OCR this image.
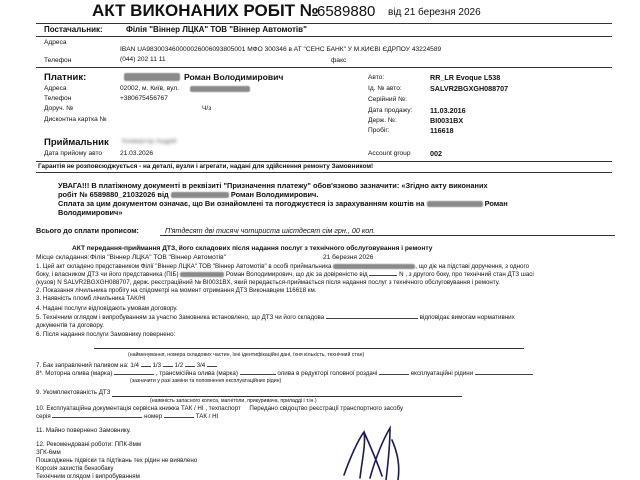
АКТ ВИКОНАНИХ РОБІТ №
6589880 від 21 березня 2026
Постачальник:	Філія "Віннер ЛЦКА" ТОВ "Віннер Автомотів"
Адреса
IBAN UA983003460000026006093805001 МФО 300346 в АТ "СЕНС БАНК" У М.КИЄВІ ЄДРПОУ 43224589
Телефон	(044) 202 11 11	факс
Платник:	Роман Володимирович
Адреса	02002, м. Київ, вул.
Телефон	+380675456767
Доруч. №	Ч/з
Дисконтна картка №
Авто:	RR_LR Evoque L538
Ід. № авто:	SALVR2BGXGH088707
Серійний №:
Дата продажу: 11.03.2016
Держ. №:	BI0031BX
Пробіг:	116618
Приймальник Конвертор Андрій
Дата прийому авто	21.03.2026	Account group	002
Гарантія не розповсюджується - на деталі, вузли і агрегати, надані для здійснення ремонту Замовником!
УВАГА!!! В платіжному документі в реквізиті "Призначення платежу" обов'язково зазначити: «Згідно акту виконаних
робіт № 6589880_21032026 від	Роман Володимирович.
Сплата за цим документом означає, що Ви ознайомлені та погоджуєтеся із зарахуванням коштів на	Роман
Володимирович»
Всього до сплати прописом:	П'ятдесят дві тисячі чотириста шістдесят сім грн., 00 коп.
АКТ передання-приймання ДТЗ, його складових після надання послуг з технічного обслуговування і ремонту
Місце складання: Філія "Віннер ЛЦКА" ТОВ "Віннер Автомотів"	21 березня 2026
1. Цей акт складено представником Філії "Віннер ЛЦКА" ТОВ "Віннер Автомотів" в особі приймальника	, що діє на підставі доручення, з одного
боку, і власником ДТЗ чи його представника (ПІБ)	Роман Володимирович, що діє за довіреністю від	N , з другого боку, про технічний стан ДТЗ шасі
(кузов) N SALVR2BGXGH088707, держ. реєстраційний № BI0031BX, який передається-приймається після надання послуг з технічного обслуговування і ремонту.
2. Показання лічильника пробігу на спідометрі на момент отримання ДТЗ Виконавцем 116618 км.
3. Наявність пломб лічильника ТАК/НІ
4. Надані послуги відповідають умовам договору.
5. Технічним оглядом і випробуванням за участю Замовника встановлено, що ДТЗ чи його складова	відповідає вимогам нормативних
документів та договору.
6. Після надання послуги Замовнику повернено:
(найменування, номера складових частин, їхні ідентифікаційні дані, їхня кількість, технічний стан)
7. Бак заправлений паливом на: 1/4 1/3 1/2 3/4
8*. Моторна олива (марка)	, трансмісійна олива (марка)	олива в редукторі головної роздачі	експлуатаційні рідини
(зазначити у разі заміни та поповнення експлуатаційних рідин)
9. Укомплектованість ДТЗ
(наявність запасного колеса, магнітоли, прикуривача, приладді і т.ін.)
10. Експлуатаційна документація сервісна книжка ТАК / НІ , техпаспорт Передано свідоцтво реєстрації транспортного засобу
серія	номер	ТАК / НІ
11. Майно повернено Замовнику.
12. Рекомендовані роботи: ППК-8мм
ЗГК-6мм
Пошкоджень підвіски та підтікань тех рідин не виявлено
Корозія захистів бензобаку
Технічним оглядом і випробуванням
